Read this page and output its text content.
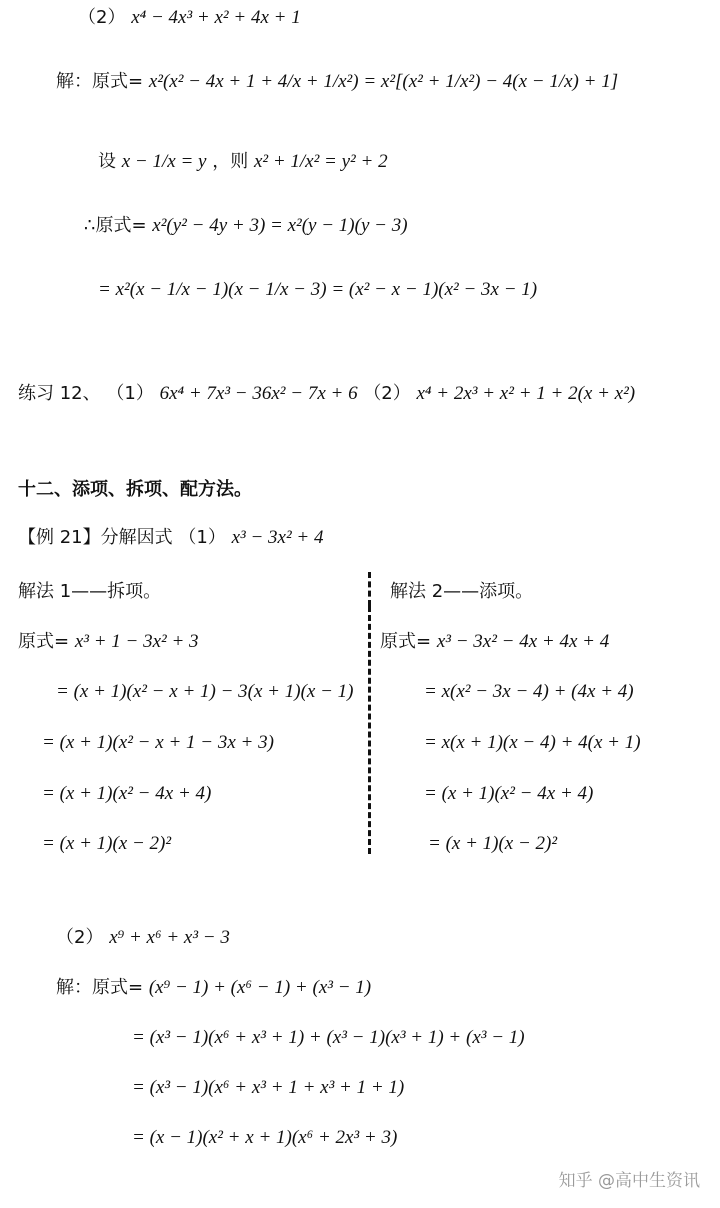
（2） x⁴ − 4x³ + x² + 4x + 1
解：原式= x²(x² − 4x + 1 + 4/x + 1/x²) = x²[(x² + 1/x²) − 4(x − 1/x) + 1]
设 x − 1/x = y ，则 x² + 1/x² = y² + 2
∴原式= x²(y² − 4y + 3) = x²(y − 1)(y − 3)
= x²(x − 1/x − 1)(x − 1/x − 3) = (x² − x − 1)(x² − 3x − 1)
练习 12、 （1） 6x⁴ + 7x³ − 36x² − 7x + 6 （2） x⁴ + 2x³ + x² + 1 + 2(x + x²)
十二、添项、拆项、配方法。
【例 21】分解因式 （1） x³ − 3x² + 4
解法 1——拆项。
原式= x³ + 1 − 3x² + 3
= (x + 1)(x² − x + 1) − 3(x + 1)(x − 1)
= (x + 1)(x² − x + 1 − 3x + 3)
= (x + 1)(x² − 4x + 4)
= (x + 1)(x − 2)²
解法 2——添项。
原式= x³ − 3x² − 4x + 4x + 4
= x(x² − 3x − 4) + (4x + 4)
= x(x + 1)(x − 4) + 4(x + 1)
= (x + 1)(x² − 4x + 4)
= (x + 1)(x − 2)²
（2） x⁹ + x⁶ + x³ − 3
解：原式= (x⁹ − 1) + (x⁶ − 1) + (x³ − 1)
= (x³ − 1)(x⁶ + x³ + 1) + (x³ − 1)(x³ + 1) + (x³ − 1)
= (x³ − 1)(x⁶ + x³ + 1 + x³ + 1 + 1)
= (x − 1)(x² + x + 1)(x⁶ + 2x³ + 3)
知乎 @高中生资讯
